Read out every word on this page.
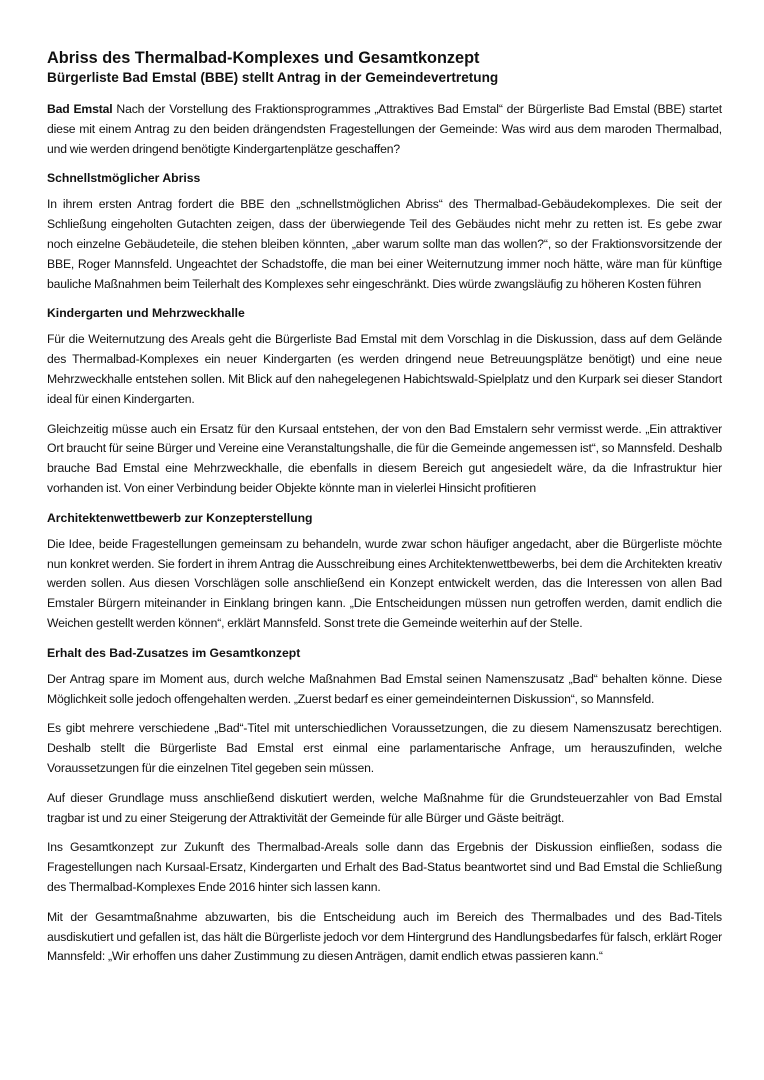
Abriss des Thermalbad-Komplexes und Gesamtkonzept
Bürgerliste Bad Emstal (BBE) stellt Antrag in der Gemeindevertretung

Bad Emstal Nach der Vorstellung des Fraktionsprogrammes „Attraktives Bad Emstal“ der Bürgerliste Bad Emstal (BBE) startet diese mit einem Antrag zu den beiden drängendsten Fragestellungen der Gemeinde: Was wird aus dem maroden Thermalbad, und wie werden dringend benötigte Kindergartenplätze geschaffen?

Schnellstmöglicher Abriss

In ihrem ersten Antrag fordert die BBE den „schnellstmöglichen Abriss“ des Thermalbad-Gebäudekomplexes. Die seit der Schließung eingeholten Gutachten zeigen, dass der überwiegende Teil des Gebäudes nicht mehr zu retten ist. Es gebe zwar noch einzelne Gebäudeteile, die stehen bleiben könnten, „aber warum sollte man das wollen?“, so der Fraktionsvorsitzende der BBE, Roger Mannsfeld. Ungeachtet der Schadstoffe, die man bei einer Weiternutzung immer noch hätte, wäre man für künftige bauliche Maßnahmen beim Teilerhalt des Komplexes sehr eingeschränkt. Dies würde zwangsläufig zu höheren Kosten führen

Kindergarten und Mehrzweckhalle

Für die Weiternutzung des Areals geht die Bürgerliste Bad Emstal mit dem Vorschlag in die Diskussion, dass auf dem Gelände des Thermalbad-Komplexes ein neuer Kindergarten (es werden dringend neue Betreuungsplätze benötigt) und eine neue Mehrzweckhalle entstehen sollen. Mit Blick auf den nahegelegenen Habichtswald-Spielplatz und den Kurpark sei dieser Standort ideal für einen Kindergarten.

Gleichzeitig müsse auch ein Ersatz für den Kursaal entstehen, der von den Bad Emstalern sehr vermisst werde. „Ein attraktiver Ort braucht für seine Bürger und Vereine eine Veranstaltungshalle, die für die Gemeinde angemessen ist“, so Mannsfeld. Deshalb brauche Bad Emstal eine Mehrzweckhalle, die ebenfalls in diesem Bereich gut angesiedelt wäre, da die Infrastruktur hier vorhanden ist. Von einer Verbindung beider Objekte könnte man in vielerlei Hinsicht profitieren

Architektenwettbewerb zur Konzepterstellung

Die Idee, beide Fragestellungen gemeinsam zu behandeln, wurde zwar schon häufiger angedacht, aber die Bürgerliste möchte nun konkret werden. Sie fordert in ihrem Antrag die Ausschreibung eines Architektenwettbewerbs, bei dem die Architekten kreativ werden sollen. Aus diesen Vorschlägen solle anschließend ein Konzept entwickelt werden, das die Interessen von allen Bad Emstaler Bürgern miteinander in Einklang bringen kann. „Die Entscheidungen müssen nun getroffen werden, damit endlich die Weichen gestellt werden können“, erklärt Mannsfeld. Sonst trete die Gemeinde weiterhin auf der Stelle.

Erhalt des Bad-Zusatzes im Gesamtkonzept

Der Antrag spare im Moment aus, durch welche Maßnahmen Bad Emstal seinen Namenszusatz „Bad“ behalten könne. Diese Möglichkeit solle jedoch offengehalten werden. „Zuerst bedarf es einer gemeindeinternen Diskussion“, so Mannsfeld.

Es gibt mehrere verschiedene „Bad“-Titel mit unterschiedlichen Voraussetzungen, die zu diesem Namenszusatz berechtigen. Deshalb stellt die Bürgerliste Bad Emstal erst einmal eine parlamentarische Anfrage, um herauszufinden, welche Voraussetzungen für die einzelnen Titel gegeben sein müssen.

Auf dieser Grundlage muss anschließend diskutiert werden, welche Maßnahme für die Grundsteuerzahler von Bad Emstal tragbar ist und zu einer Steigerung der Attraktivität der Gemeinde für alle Bürger und Gäste beiträgt.

Ins Gesamtkonzept zur Zukunft des Thermalbad-Areals solle dann das Ergebnis der Diskussion einfließen, sodass die Fragestellungen nach Kursaal-Ersatz, Kindergarten und Erhalt des Bad-Status beantwortet sind und Bad Emstal die Schließung des Thermalbad-Komplexes Ende 2016 hinter sich lassen kann.

Mit der Gesamtmaßnahme abzuwarten, bis die Entscheidung auch im Bereich des Thermalbades und des Bad-Titels ausdiskutiert und gefallen ist, das hält die Bürgerliste jedoch vor dem Hintergrund des Handlungsbedarfes für falsch, erklärt Roger Mannsfeld: „Wir erhoffen uns daher Zustimmung zu diesen Anträgen, damit endlich etwas passieren kann.“
